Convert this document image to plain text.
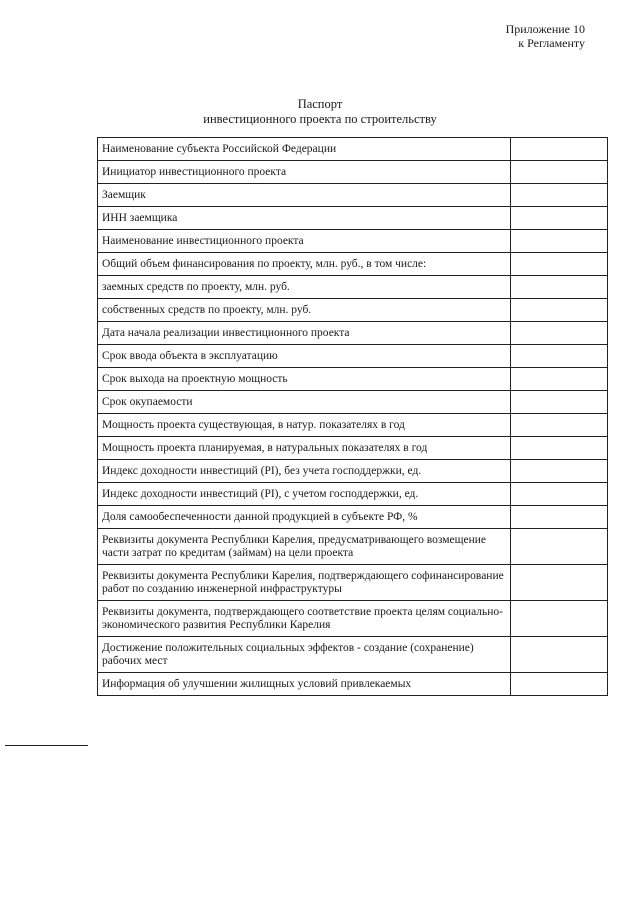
Приложение 10
к Регламенту
Паспорт
инвестиционного проекта по строительству
Наименование субъекта Российской Федерации	
Инициатор инвестиционного проекта	
Заемщик	
ИНН заемщика	
Наименование инвестиционного проекта	
Общий объем финансирования по проекту, млн. руб., в том числе:	
заемных средств по проекту, млн. руб.	
собственных средств по проекту, млн. руб.	
Дата начала реализации инвестиционного проекта	
Срок ввода объекта в эксплуатацию	
Срок выхода на проектную мощность	
Срок окупаемости	
Мощность проекта существующая, в натур. показателях в год	
Мощность проекта планируемая, в натуральных показателях в год	
Индекс доходности инвестиций (PI), без учета господдержки, ед.	
Индекс доходности инвестиций (PI), с учетом господдержки, ед.	
Доля самообеспеченности данной продукцией в субъекте РФ, %	
Реквизиты документа Республики Карелия, предусматривающего возмещение части затрат по кредитам (займам) на цели проекта	
Реквизиты документа Республики Карелия, подтверждающего софинансирование работ по созданию инженерной инфраструктуры	
Реквизиты документа, подтверждающего соответствие проекта целям социально-экономического развития Республики Карелия	
Достижение положительных социальных эффектов - создание (сохранение) рабочих мест	
Информация об улучшении жилищных условий привлекаемых	
